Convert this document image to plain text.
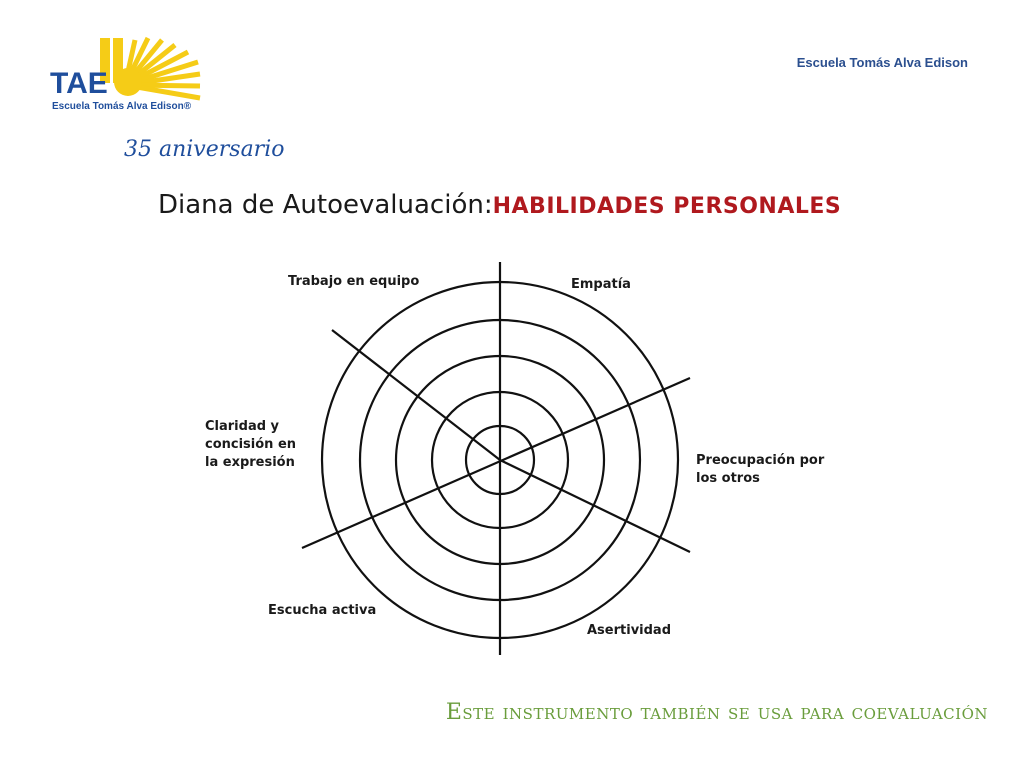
TAE
Escuela Tomás Alva Edison®
35 aniversario
Escuela Tomás Alva Edison
Diana de Autoevaluación:HABILIDADES PERSONALES
Trabajo en equipo	Empatía
Claridad y
concisión en
la expresión	Preocupación por
los otros
Escucha activa
Asertividad
Este instrumento también se usa para coevaluación
